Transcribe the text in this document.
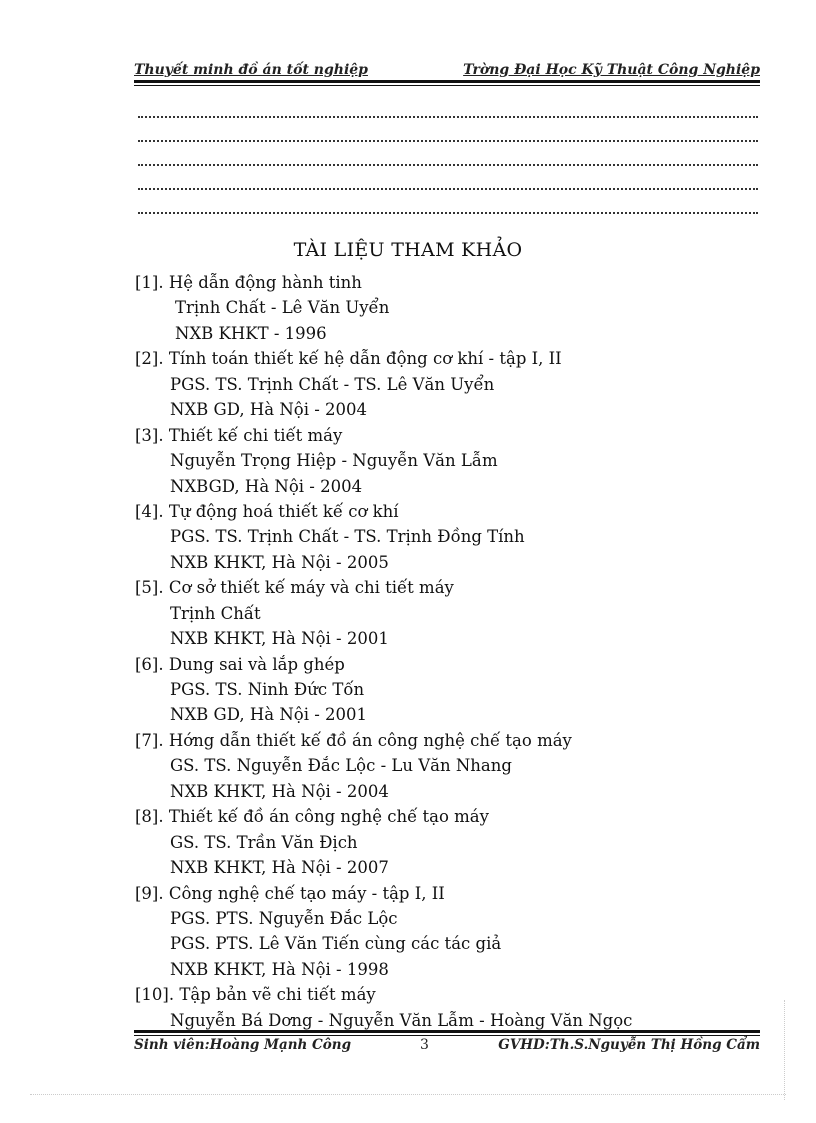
Thuyết minh đồ án tốt nghiệp	Trờng Đại Học Kỹ Thuật Công Nghiệp
TÀI LIỆU THAM KHẢO
[1]. Hệ dẫn động hành tinh
Trịnh Chất - Lê Văn Uyển
NXB KHKT - 1996
[2]. Tính toán thiết kế hệ dẫn động cơ khí - tập I, II
PGS. TS. Trịnh Chất - TS. Lê Văn Uyển
NXB GD, Hà Nội - 2004
[3]. Thiết kế chi tiết máy
Nguyễn Trọng Hiệp - Nguyễn Văn Lẫm
NXBGD, Hà Nội - 2004
[4]. Tự động hoá thiết kế cơ khí
PGS. TS. Trịnh Chất - TS. Trịnh Đồng Tính
NXB KHKT, Hà Nội - 2005
[5]. Cơ sở thiết kế máy và chi tiết máy
Trịnh Chất
NXB KHKT, Hà Nội - 2001
[6]. Dung sai và lắp ghép
PGS. TS. Ninh Đức Tốn
NXB GD, Hà Nội - 2001
[7]. Hớng dẫn thiết kế đồ án công nghệ chế tạo máy
GS. TS. Nguyễn Đắc Lộc - Lu Văn Nhang
NXB KHKT, Hà Nội - 2004
[8]. Thiết kế đồ án công nghệ chế tạo máy
GS. TS. Trần Văn Địch
NXB KHKT, Hà Nội - 2007
[9]. Công nghệ chế tạo máy - tập I, II
PGS. PTS. Nguyễn Đắc Lộc
PGS. PTS. Lê Văn Tiến cùng các tác giả
NXB KHKT, Hà Nội - 1998
[10]. Tập bản vẽ chi tiết máy
Nguyễn Bá Dơng - Nguyễn Văn Lẫm - Hoàng Văn Ngọc
Sinh viên:Hoàng Mạnh Công	3	GVHD:Th.S.Nguyễn Thị Hồng Cẩm
